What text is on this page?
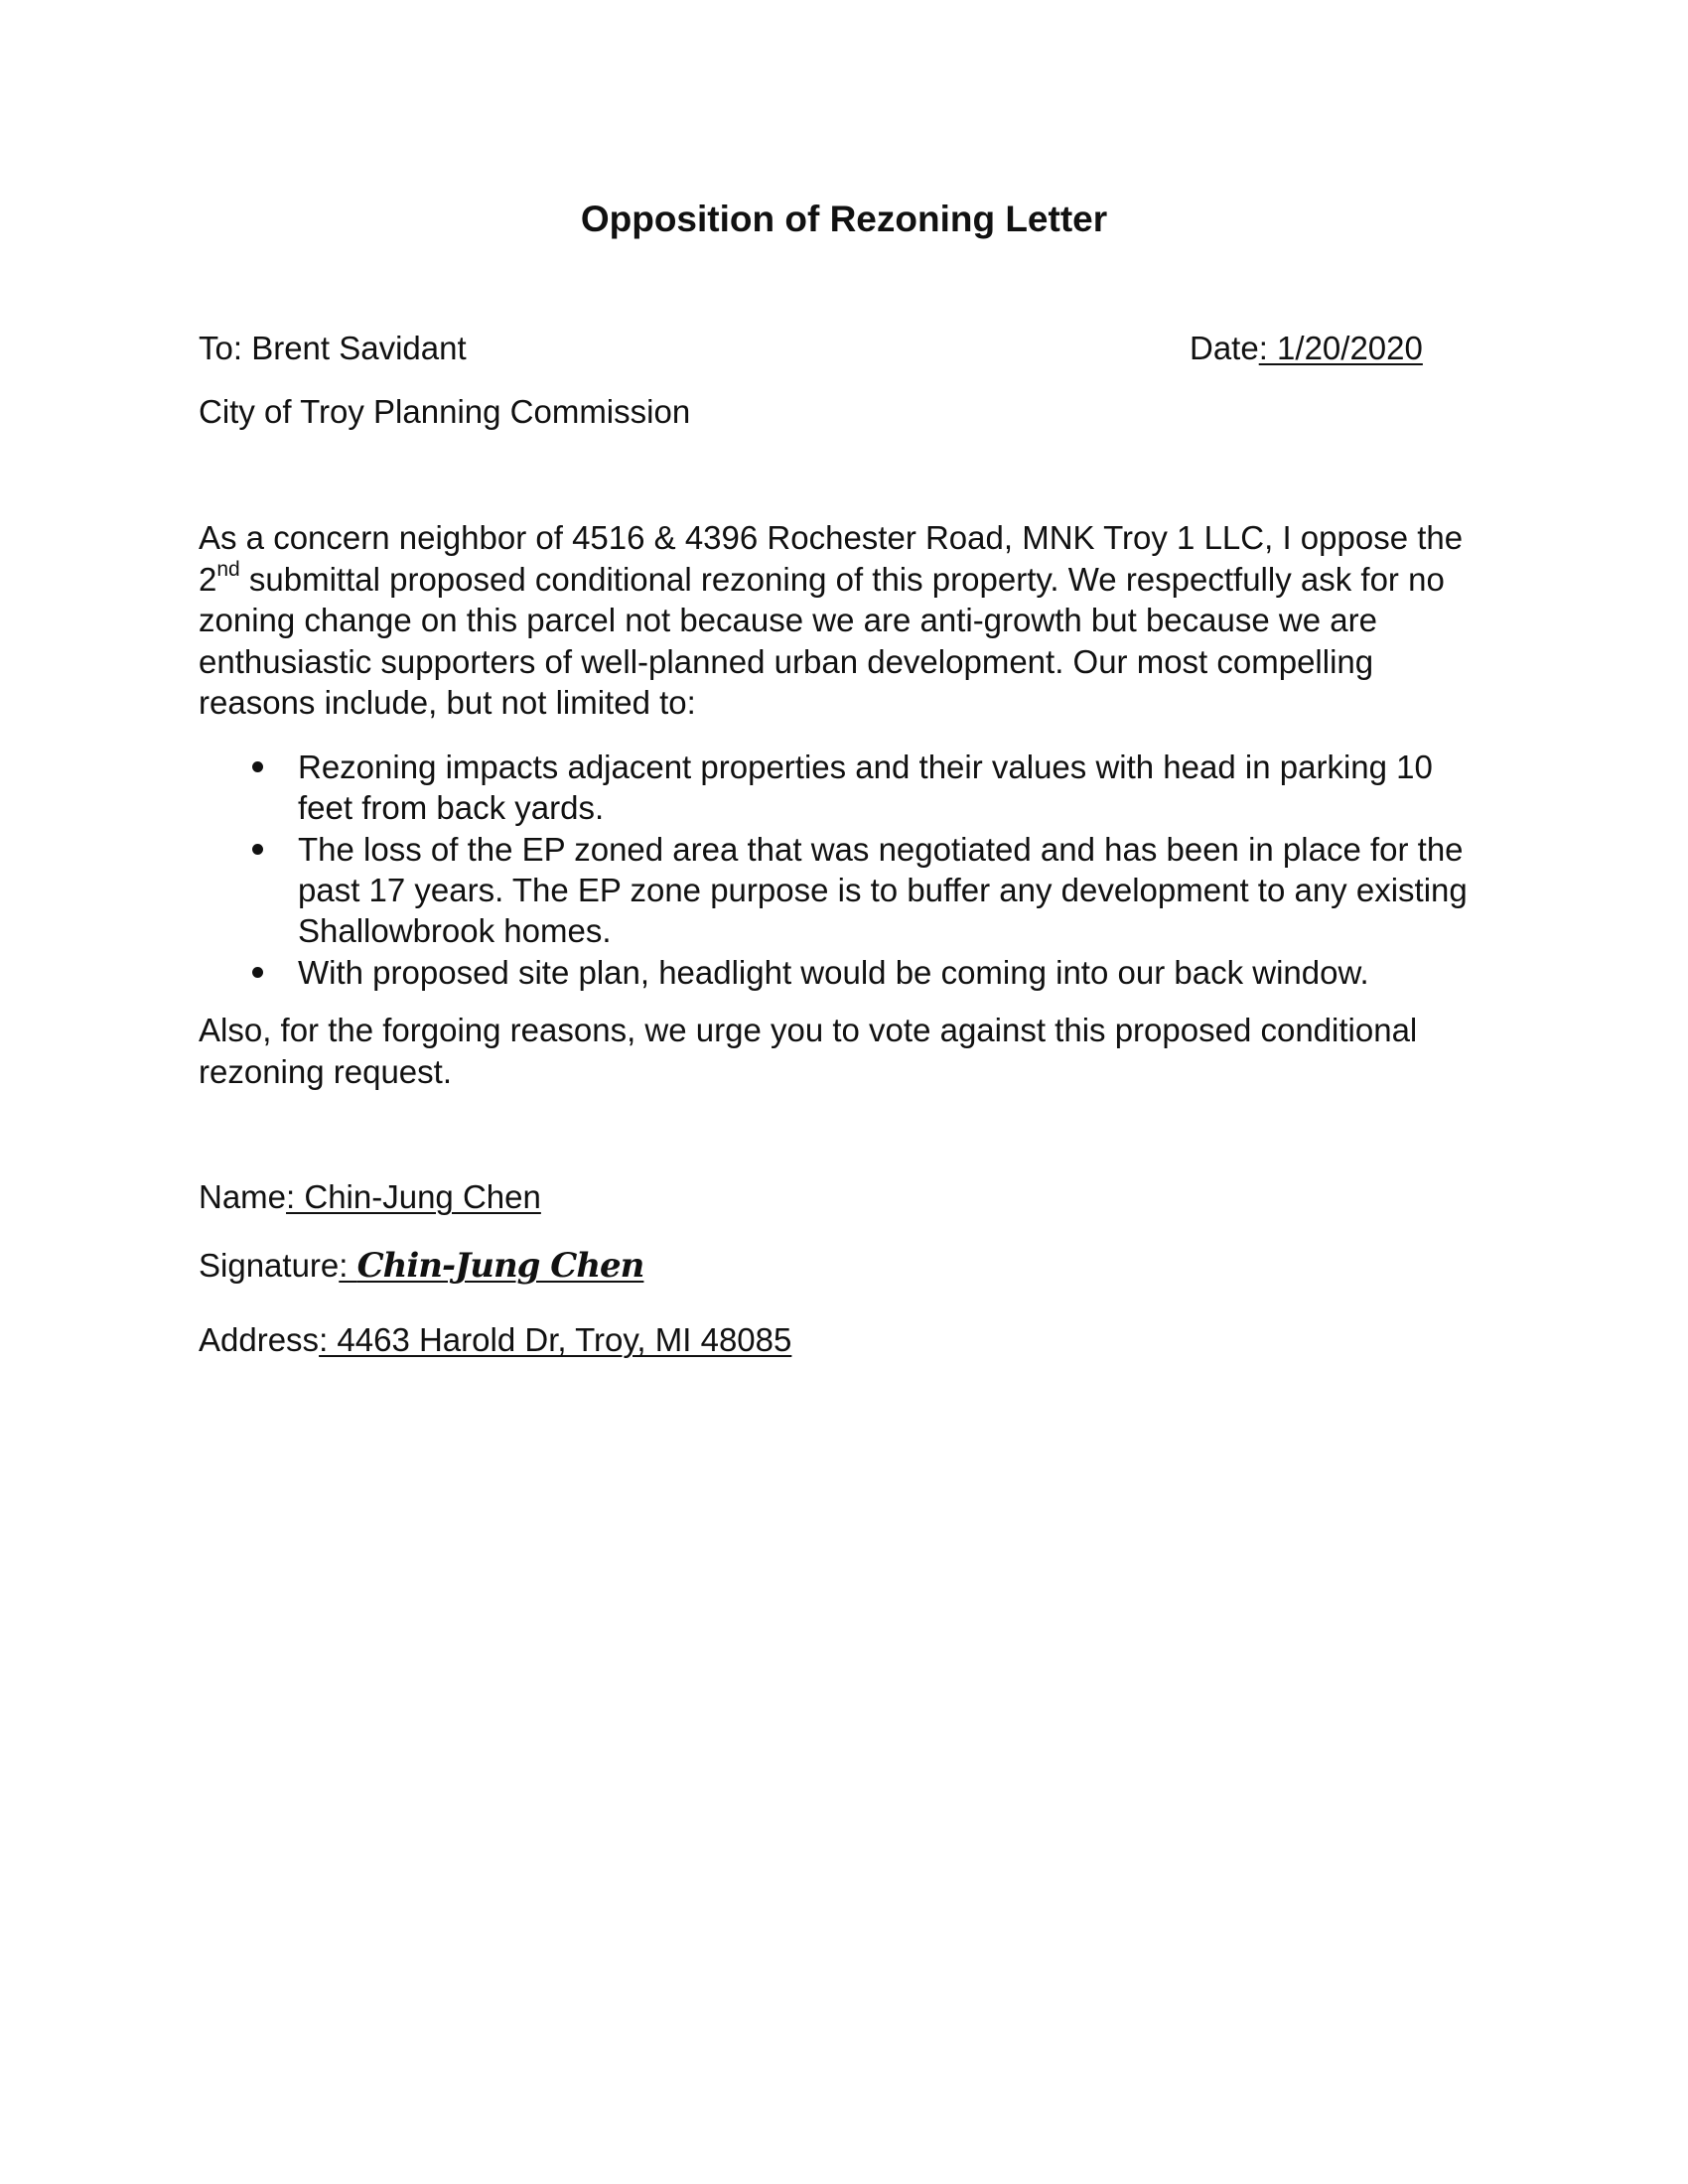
Opposition of Rezoning Letter
To: Brent Savidant	Date: 1/20/2020
City of Troy Planning Commission
As a concern neighbor of 4516 & 4396 Rochester Road, MNK Troy 1 LLC, I oppose the
2nd submittal proposed conditional rezoning of this property. We respectfully ask for no
zoning change on this parcel not because we are anti-growth but because we are
enthusiastic supporters of well-planned urban development. Our most compelling
reasons include, but not limited to:
Rezoning impacts adjacent properties and their values with head in parking 10
feet from back yards.
The loss of the EP zoned area that was negotiated and has been in place for the
past 17 years. The EP zone purpose is to buffer any development to any existing
Shallowbrook homes.
With proposed site plan, headlight would be coming into our back window.
Also, for the forgoing reasons, we urge you to vote against this proposed conditional
rezoning request.
Name: Chin-Jung Chen
Signature: Chin-Jung Chen
Address: 4463 Harold Dr, Troy, MI 48085
